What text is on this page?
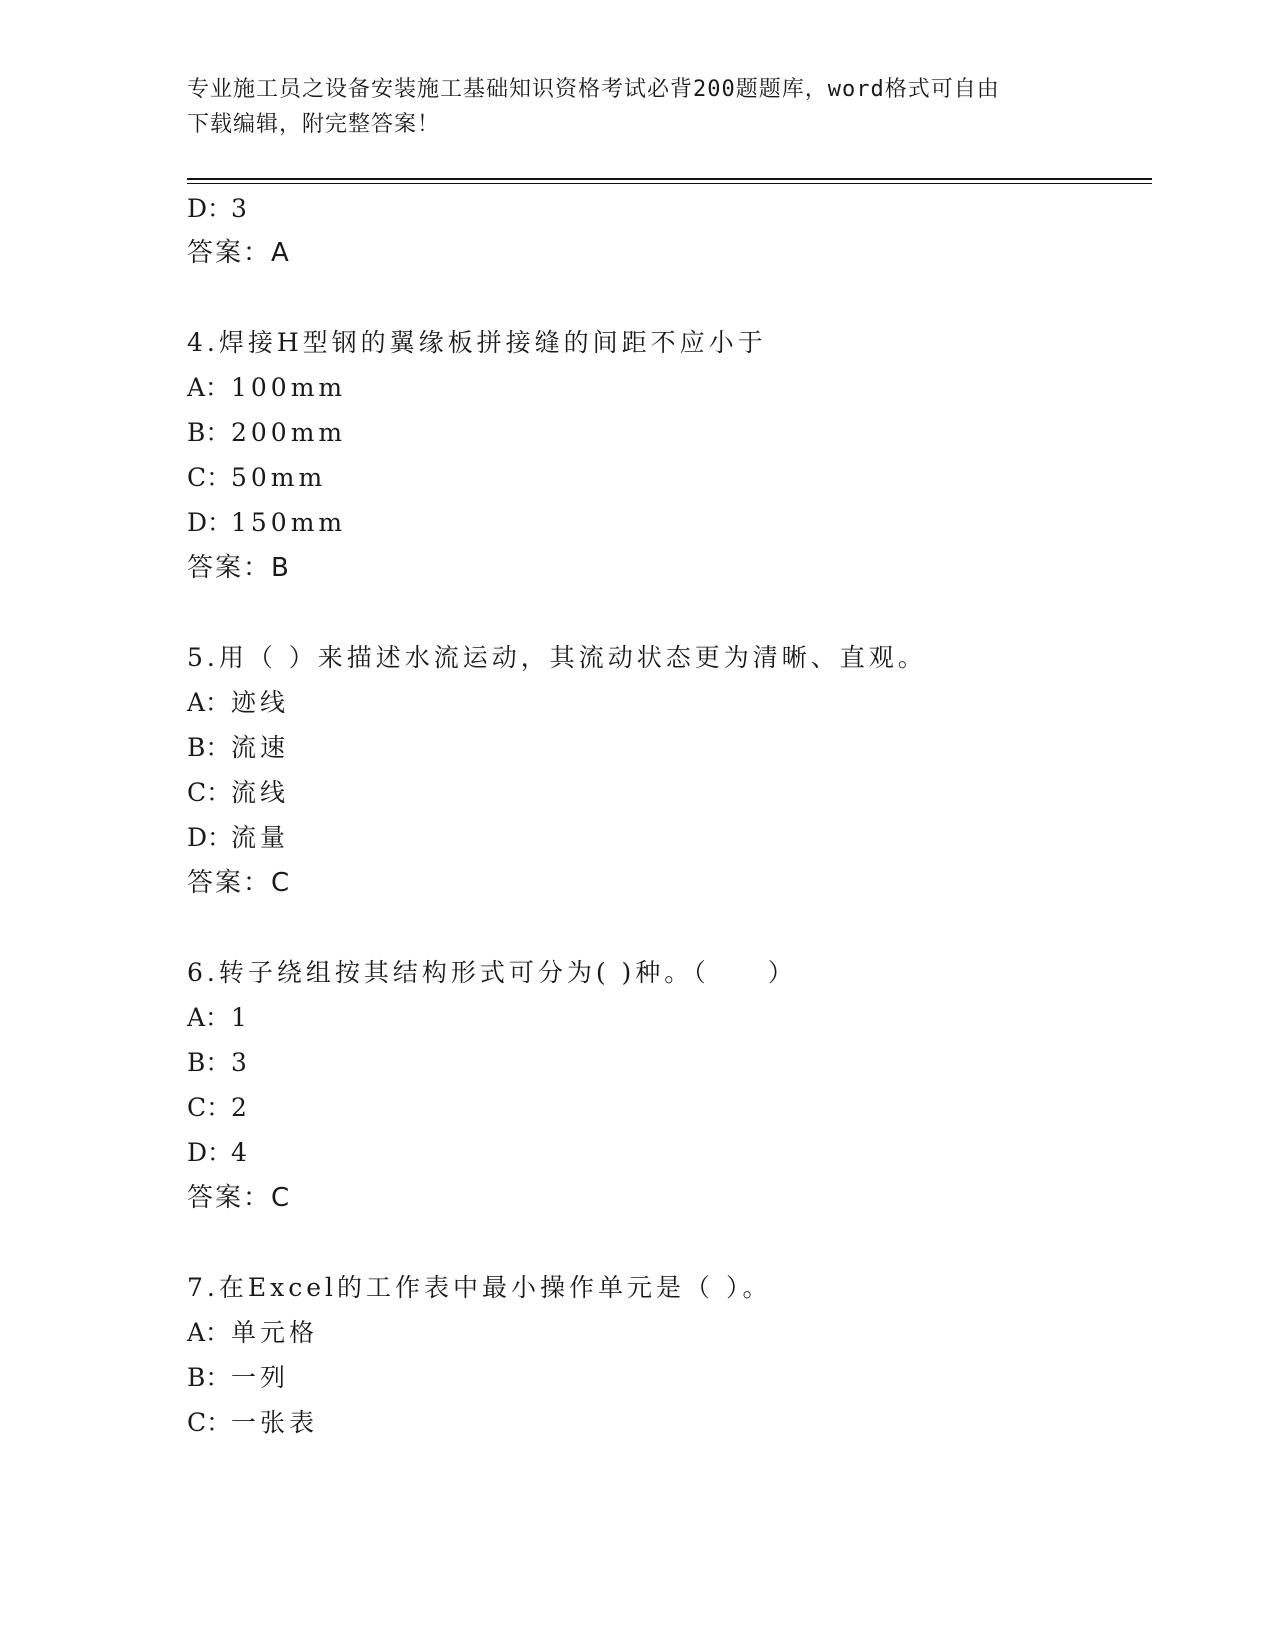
专业施工员之设备安装施工基础知识资格考试必背200题题库，word格式可自由
下载编辑，附完整答案！
D：3
答案：A
4.焊接H型钢的翼缘板拼接缝的间距不应小于
A：100mm
B：200mm
C：50mm
D：150mm
答案：B
5.用（ ）来描述水流运动，其流动状态更为清晰、直观。
A：迹线
B：流速
C：流线
D：流量
答案：C
6.转子绕组按其结构形式可分为( )种。（　　）
A：1
B：3
C：2
D：4
答案：C
7.在Excel的工作表中最小操作单元是（ ）。
A：单元格
B：一列
C：一张表
